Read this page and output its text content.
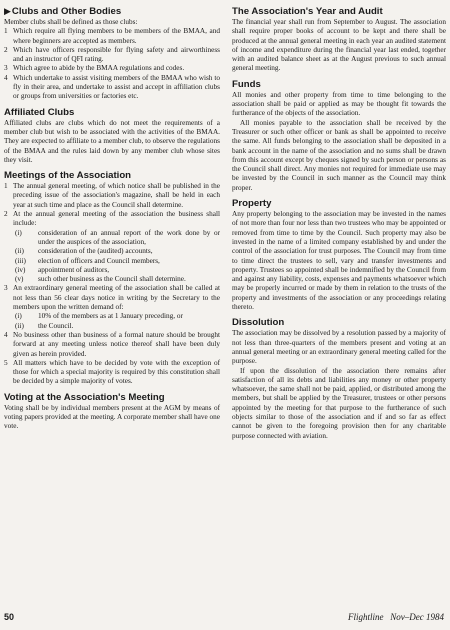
▶Clubs and Other Bodies

Member clubs shall be defined as those clubs:

1 Which require all flying members to be members of the BMAA, and where beginners are accepted as members.
2 Which have officers responsible for flying safety and airworthiness and an instructor of QFI rating.
3 Which agree to abide by the BMAA regulations and codes.
4 Which undertake to assist visiting members of the BMAA who wish to fly in their area, and undertake to assist and accept in affiliation clubs or groups from universities or factories etc.
Affiliated Clubs

Affiliated clubs are clubs which do not meet the requirements of a member club but wish to be associated with the activities of the BMAA. They are expected to affiliate to a member club, to observe the regulations of the BMAA and the rules laid down by any member club whose sites they visit.

Meetings of the Association
1 The annual general meeting, of which notice shall be published in the preceding issue of the association's magazine, shall be held in each year at such time and place as the Council shall determine.
2 At the annual general meeting of the association the business shall include:
(i) consideration of an annual report of the work done by or under the auspices of the association,
(ii) consideration of the (audited) accounts,
(iii) election of officers and Council members,
(iv) appointment of auditors,
(v) such other business as the Council shall determine.
3 An extraordinary general meeting of the association shall be called at not less than 56 clear days notice in writing by the Secretary to the members upon the written demand of:
(i) 10% of the members as at 1 January preceding, or
(ii) the Council.
4 No business other than business of a formal nature should be brought forward at any meeting unless notice thereof shall have been duly given as herein provided.
5 All matters which have to be decided by vote with the exception of those for which a special majority is required by this constitution shall be decided by a simple majority of votes.
Voting at the Association's Meeting

Voting shall be by individual members present at the AGM by means of voting papers provided at the meeting. A corporate member shall have one vote.

The Association's Year and Audit

The financial year shall run from September to August. The association shall require proper books of account to be kept and there shall be produced at the annual general meeting in each year an audited statement of income and expenditure during the financial year last ended, together with an audited balance sheet as at the August previous to such annual general meeting.

Funds

All monies and other property from time to time belonging to the association shall be paid or applied as may be thought fit towards the furtherance of the objects of the association.

All monies payable to the association shall be received by the Treasurer or such other officer or bank as shall be appointed to receive the same. All funds belonging to the association shall be deposited in a bank account in the name of the association and no sums shall be drawn from this account except by cheques signed by such person or persons as the Council shall direct. Any monies not required for immediate use may be invested by the Council in such manner as the Council may think proper.

Property

Any property belonging to the association may be invested in the names of not more than four nor less than two trustees who may be appointed or removed from time to time by the Council. Such property may also be invested in the name of a limited company established by and under the control of the association for trust purposes. The Council may from time to time direct the trustees to sell, vary and transfer investments and property. Trustees so appointed shall be indemnified by the Council from and against any liability, costs, expenses and payments whatsoever which may be properly incurred or made by them in relation to the trusts of the property and investments of the association or any proceedings relating thereto.

Dissolution

The association may be dissolved by a resolution passed by a majority of not less than three-quarters of the members present and voting at an annual general meeting or an extraordinary general meeting called for the purpose.

If upon the dissolution of the association there remains after satisfaction of all its debts and liabilities any money or other property whatsoever, the same shall not be paid, applied, or distributed among the members, but shall be applied by the Treasurer, trustees or other persons appointed by the meeting for that purpose to the furtherance of such objects similar to those of the association and if and so far as effect cannot be given to the foregoing provision then for any charitable purpose connected with aviation.

50	Flightline Nov–Dec 1984
